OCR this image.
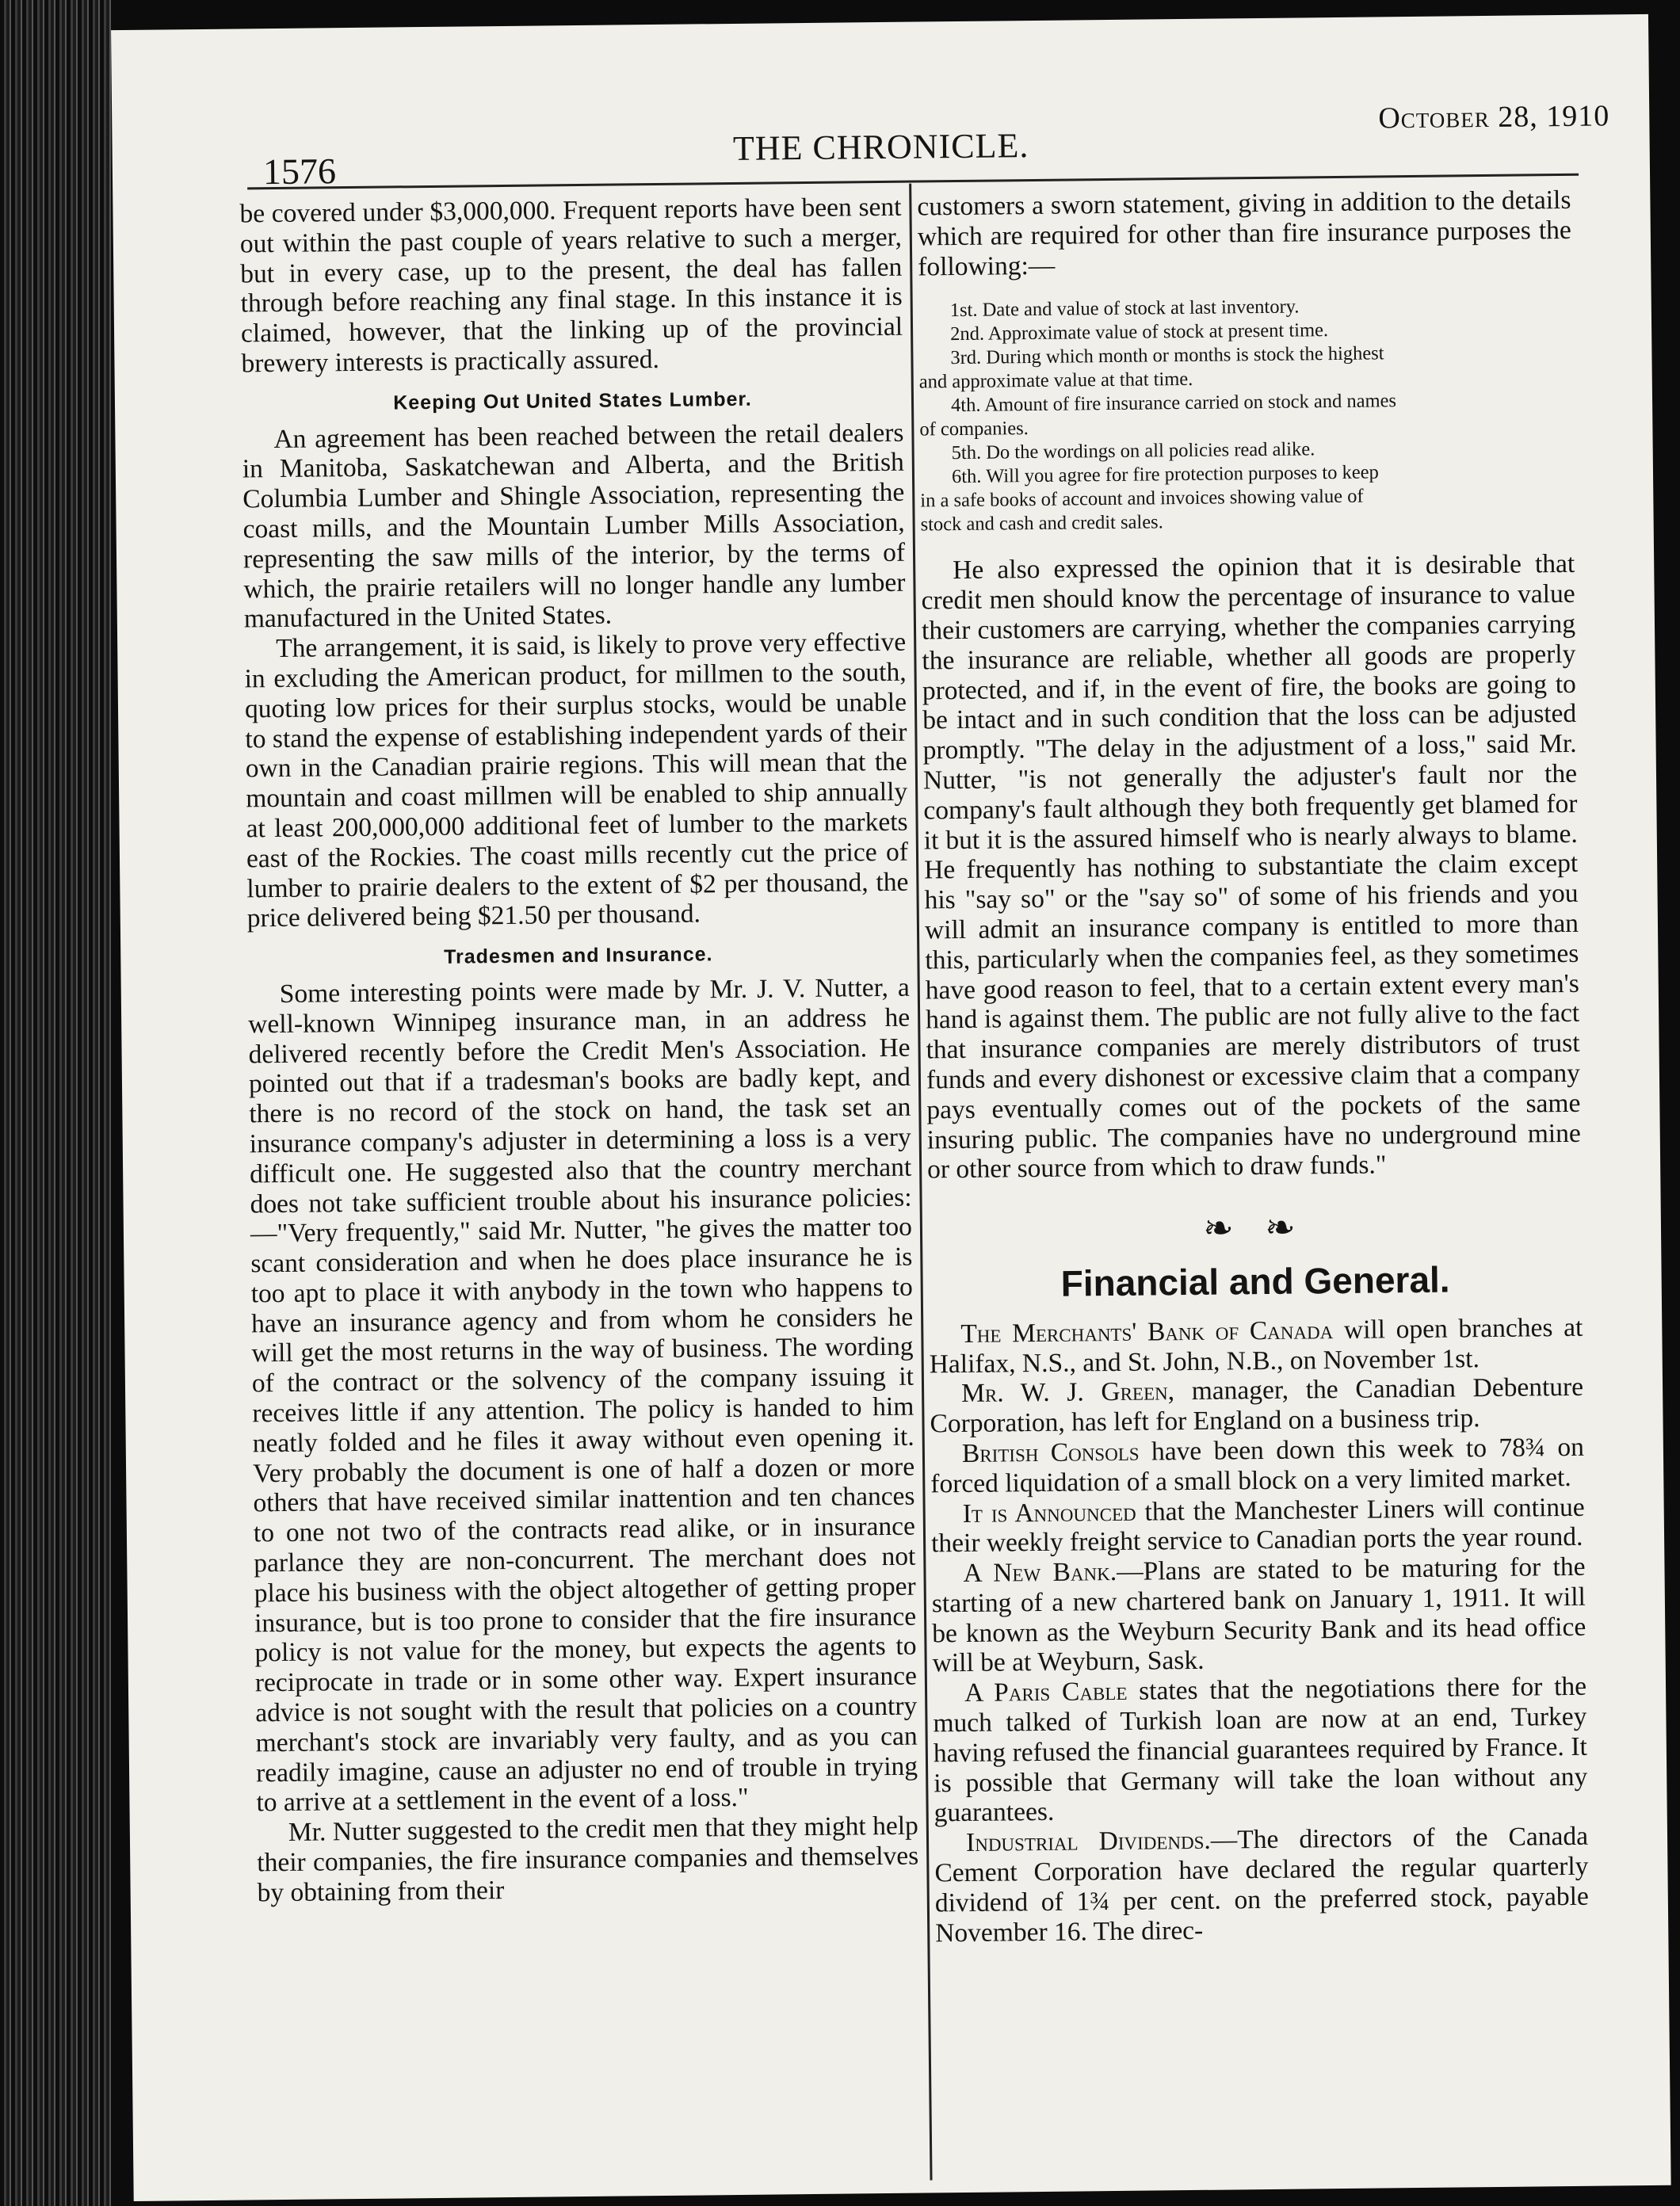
1576
THE CHRONICLE.
October 28, 1910

be covered under $3,000,000. Frequent reports have been sent out within the past couple of years relative to such a merger, but in every case, up to the present, the deal has fallen through before reaching any final stage. In this instance it is claimed, however, that the linking up of the provincial brewery interests is practically assured.

Keeping Out United States Lumber.

An agreement has been reached between the retail dealers in Manitoba, Saskatchewan and Alberta, and the British Columbia Lumber and Shingle Association, representing the coast mills, and the Mountain Lumber Mills Association, representing the saw mills of the interior, by the terms of which, the prairie retailers will no longer handle any lumber manufactured in the United States.

The arrangement, it is said, is likely to prove very effective in excluding the American product, for millmen to the south, quoting low prices for their surplus stocks, would be unable to stand the expense of establishing independent yards of their own in the Canadian prairie regions. This will mean that the mountain and coast millmen will be enabled to ship annually at least 200,000,000 additional feet of lumber to the markets east of the Rockies. The coast mills recently cut the price of lumber to prairie dealers to the extent of $2 per thousand, the price delivered being $21.50 per thousand.

Tradesmen and Insurance.

Some interesting points were made by Mr. J. V. Nutter, a well-known Winnipeg insurance man, in an address he delivered recently before the Credit Men's Association. He pointed out that if a tradesman's books are badly kept, and there is no record of the stock on hand, the task set an insurance company's adjuster in determining a loss is a very difficult one. He suggested also that the country merchant does not take sufficient trouble about his insurance policies:—"Very frequently," said Mr. Nutter, "he gives the matter too scant consideration and when he does place insurance he is too apt to place it with anybody in the town who happens to have an insurance agency and from whom he considers he will get the most returns in the way of business. The wording of the contract or the solvency of the company issuing it receives little if any attention. The policy is handed to him neatly folded and he files it away without even opening it. Very probably the document is one of half a dozen or more others that have received similar inattention and ten chances to one not two of the contracts read alike, or in insurance parlance they are non-concurrent. The merchant does not place his business with the object altogether of getting proper insurance, but is too prone to consider that the fire insurance policy is not value for the money, but expects the agents to reciprocate in trade or in some other way. Expert insurance advice is not sought with the result that policies on a country merchant's stock are invariably very faulty, and as you can readily imagine, cause an adjuster no end of trouble in trying to arrive at a settlement in the event of a loss."

Mr. Nutter suggested to the credit men that they might help their companies, the fire insurance companies and themselves by obtaining from their

customers a sworn statement, giving in addition to the details which are required for other than fire insurance purposes the following:—

1st. Date and value of stock at last inventory.
2nd. Approximate value of stock at present time.
3rd. During which month or months is stock the highest
and approximate value at that time.
4th. Amount of fire insurance carried on stock and names
of companies.
5th. Do the wordings on all policies read alike.
6th. Will you agree for fire protection purposes to keep
in a safe books of account and invoices showing value of
stock and cash and credit sales.

He also expressed the opinion that it is desirable that credit men should know the percentage of insurance to value their customers are carrying, whether the companies carrying the insurance are reliable, whether all goods are properly protected, and if, in the event of fire, the books are going to be intact and in such condition that the loss can be adjusted promptly. "The delay in the adjustment of a loss," said Mr. Nutter, "is not generally the adjuster's fault nor the company's fault although they both frequently get blamed for it but it is the assured himself who is nearly always to blame. He frequently has nothing to substantiate the claim except his "say so" or the "say so" of some of his friends and you will admit an insurance company is entitled to more than this, particularly when the companies feel, as they sometimes have good reason to feel, that to a certain extent every man's hand is against them. The public are not fully alive to the fact that insurance companies are merely distributors of trust funds and every dishonest or excessive claim that a company pays eventually comes out of the pockets of the same insuring public. The companies have no underground mine or other source from which to draw funds."

❧ ❧
Financial and General.

The Merchants' Bank of Canada will open branches at Halifax, N.S., and St. John, N.B., on November 1st.

Mr. W. J. Green, manager, the Canadian Debenture Corporation, has left for England on a business trip.

British Consols have been down this week to 78¾ on forced liquidation of a small block on a very limited market.

It is Announced that the Manchester Liners will continue their weekly freight service to Canadian ports the year round.

A New Bank.—Plans are stated to be maturing for the starting of a new chartered bank on January 1, 1911. It will be known as the Weyburn Security Bank and its head office will be at Weyburn, Sask.

A Paris Cable states that the negotiations there for the much talked of Turkish loan are now at an end, Turkey having refused the financial guarantees required by France. It is possible that Germany will take the loan without any guarantees.

Industrial Dividends.—The directors of the Canada Cement Corporation have declared the regular quarterly dividend of 1¾ per cent. on the preferred stock, payable November 16. The direc-
